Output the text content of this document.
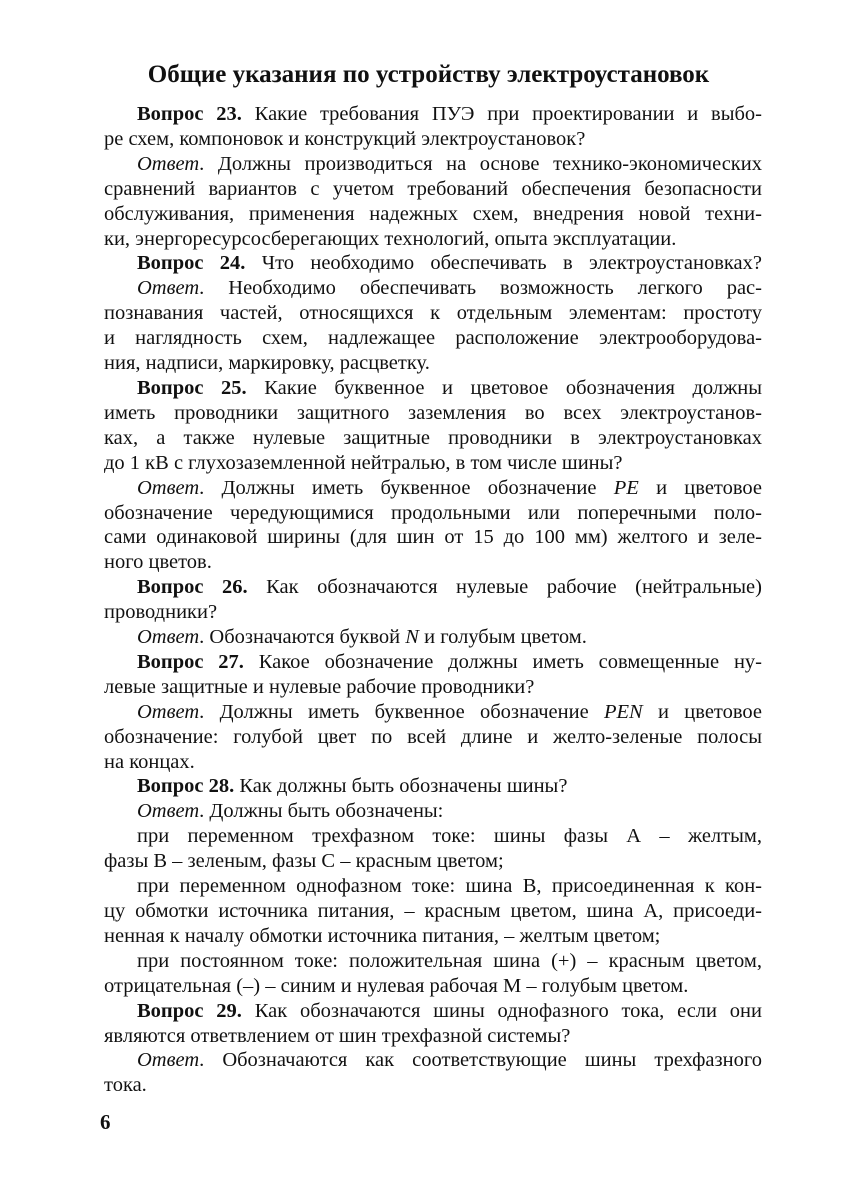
Общие указания по устройству электроустановок

Вопрос 23. Какие требования ПУЭ при проектировании и выбо-
ре схем, компоновок и конструкций электроустановок?

Ответ. Должны производиться на основе технико-экономических
сравнений вариантов с учетом требований обеспечения безопасности
обслуживания, применения надежных схем, внедрения новой техни-
ки, энергоресурсосберегающих технологий, опыта эксплуатации.

Вопрос 24. Что необходимо обеспечивать в электроустановках?

Ответ. Необходимо обеспечивать возможность легкого рас-
познавания частей, относящихся к отдельным элементам: простоту
и наглядность схем, надлежащее расположение электрооборудова-
ния, надписи, маркировку, расцветку.

Вопрос 25. Какие буквенное и цветовое обозначения должны
иметь проводники защитного заземления во всех электроустанов-
ках, а также нулевые защитные проводники в электроустановках
до 1 кВ с глухозаземленной нейтралью, в том числе шины?

Ответ. Должны иметь буквенное обозначение PE и цветовое
обозначение чередующимися продольными или поперечными поло-
сами одинаковой ширины (для шин от 15 до 100 мм) желтого и зеле-
ного цветов.

Вопрос 26. Как обозначаются нулевые рабочие (нейтральные)
проводники?

Ответ. Обозначаются буквой N и голубым цветом.

Вопрос 27. Какое обозначение должны иметь совмещенные ну-
левые защитные и нулевые рабочие проводники?

Ответ. Должны иметь буквенное обозначение PEN и цветовое
обозначение: голубой цвет по всей длине и желто-зеленые полосы
на концах.

Вопрос 28. Как должны быть обозначены шины?

Ответ. Должны быть обозначены:

при переменном трехфазном токе: шины фазы А – желтым,
фазы В – зеленым, фазы С – красным цветом;

при переменном однофазном токе: шина В, присоединенная к кон-
цу обмотки источника питания, – красным цветом, шина А, присоеди-
ненная к началу обмотки источника питания, – желтым цветом;

при постоянном токе: положительная шина (+) – красным цветом,
отрицательная (–) – синим и нулевая рабочая М – голубым цветом.

Вопрос 29. Как обозначаются шины однофазного тока, если они
являются ответвлением от шин трехфазной системы?

Ответ. Обозначаются как соответствующие шины трехфазного
тока.

6
